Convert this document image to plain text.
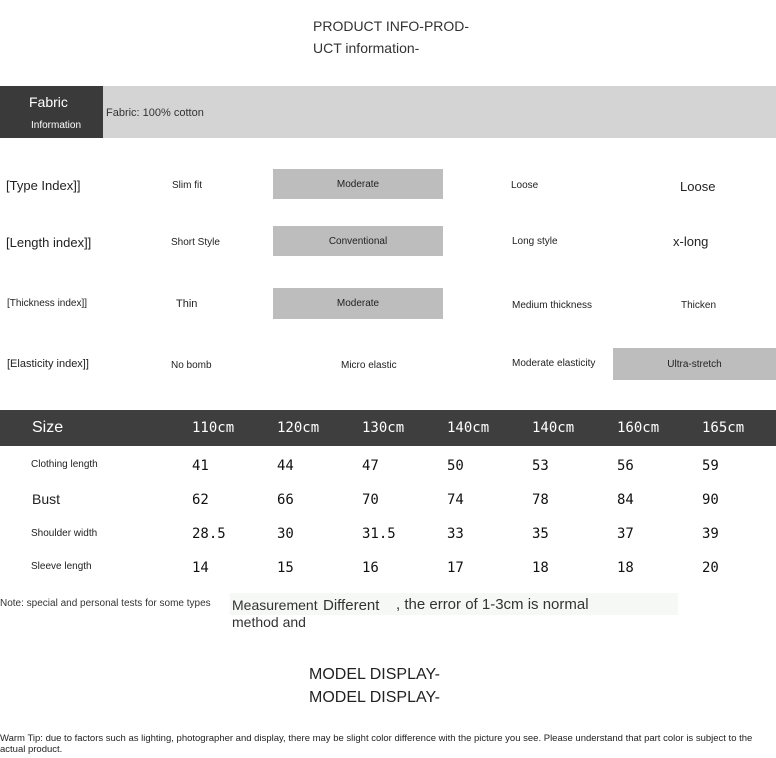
PRODUCT INFO-PROD-
UCT information-
Fabric
Information
Fabric: 100% cotton
[Type Index]]	Slim fit	Moderate	Loose	Loose
[Length index]]	Short Style	Conventional	Long style	x-long
[Thickness index]]	Thin	Moderate	Medium thickness	Thicken
[Elasticity index]]	No bomb	Micro elastic	Moderate elasticity	Ultra-stretch
Size	110cm	120cm	130cm	140cm	140cm	160cm	165cm
Clothing length	41	44	47	50	53	56	59
Bust	62	66	70	74	78	84	90
Shoulder width	28.5	30	31.5	33	35	37	39
Sleeve length	14	15	16	17	18	18	20
Note: special and personal tests for some types Measurement
method and
Different , the error of 1-3cm is normal
MODEL DISPLAY-
MODEL DISPLAY-
Warm Tip: due to factors such as lighting, photographer and display, there may be slight color difference with the picture you see. Please understand that part color is subject to the actual product.
